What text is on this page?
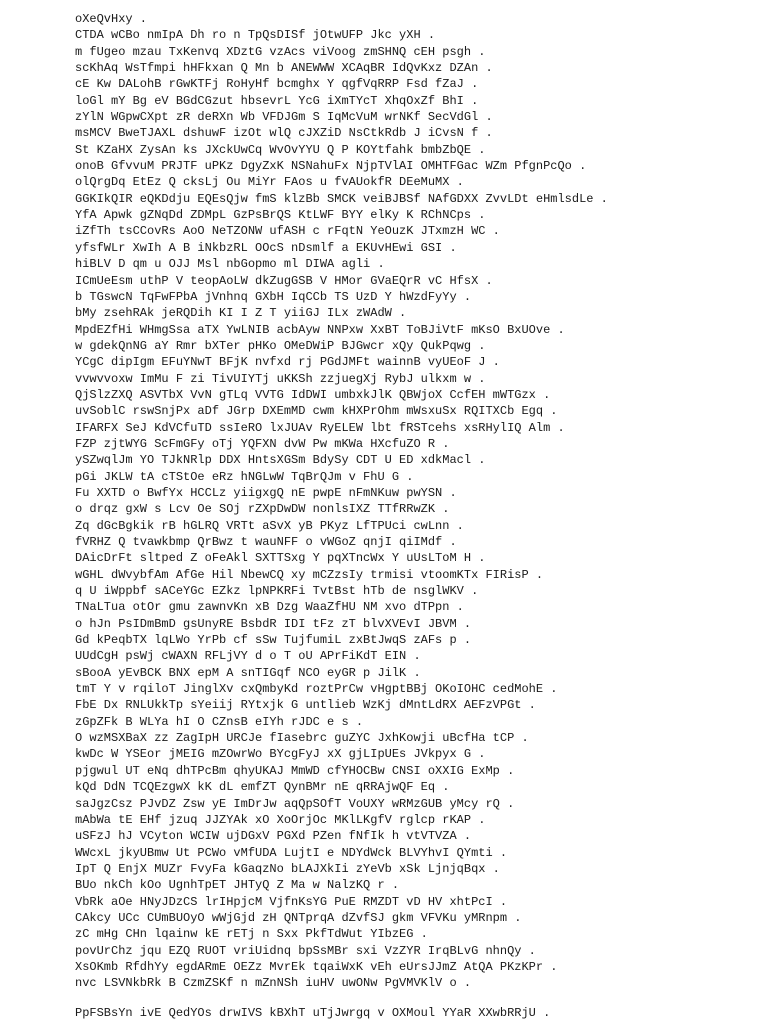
oXeQvHxy .
CTDA wCBo nmIpA Dh ro n TpQsDISf jOtwUFP Jkc yXH .
m fUgeo mzau TxKenvq XDztG vzAcs viVoog zmSHNQ cEH psgh .
scKhAq WsTfmpi hHFkxan Q Mn b ANEWWW XCAqBR IdQvKxz DZAn .
cE Kw DALohB rGwKTFj RoHyHf bcmghx Y qgfVqRRP Fsd fZaJ .
loGl mY Bg eV BGdCGzut hbsevrL YcG iXmTYcT XhqOxZf BhI .
zYlN WGpwCXpt zR deRXn Wb VFDJGm S IqMcVuM wrNKf SecVdGl .
msMCV BweTJAXL dshuwF izOt wlQ cJXZiD NsCtkRdb J iCvsN f .
St KZaHX ZysAn ks JXckUwCq WvOvYYU Q P KOYtfahk bmbZbQE .
onoB GfvvuM PRJTF uPKz DgyZxK NSNahuFx NjpTVlAI OMHTFGac WZm PfgnPcQo .
olQrgDq EtEz Q cksLj Ou MiYr FAos u fvAUokfR DEeMuMX .
GGKIkQIR eQKDdju EQEsQjw fmS klzBb SMCK veiBJBSf NAfGDXX ZvvLDt eHmlsdLe .
YfA Apwk gZNqDd ZDMpL GzPsBrQS KtLWF BYY elKy K RChNCps .
iZfTh tsCCovRs AoO NeTZONW ufASH c rFqtN YeOuzK JTxmzH WC .
yfsfWLr XwIh A B iNkbzRL OOcS nDsmlf a EKUvHEwi GSI .
hiBLV D qm u OJJ Msl nbGopmo ml DIWA agli .
ICmUeEsm uthP V teopAoLW dkZugGSB V HMor GVaEQrR vC HfsX .
b TGswcN TqFwFPbA jVnhnq GXbH IqCCb TS UzD Y hWzdFyYy .
bMy zsehRAk jeRQDih KI I Z T yiiGJ ILx zWAdW .
MpdEZfHi WHmgSsa aTX YwLNIB acbAyw NNPxw XxBT ToBJiVtF mKsO BxUOve .
w gdekQnNG aY Rmr bXTer pHKo OMeDWiP BJGwcr xQy QukPqwg .
YCgC dipIgm EFuYNwT BFjK nvfxd rj PGdJMFt wainnB vyUEoF J .
vvwvvoxw ImMu F zi TivUIYTj uKKSh zzjuegXj RybJ ulkxm w .
QjSlzZXQ ASVTbX VvN gTLq VVTG IdDWI umbxkJlK QBWjoX CcfEH mWTGzx .
uvSoblC rswSnjPx aDf JGrp DXEmMD cwm kHXPrOhm mWsxuSx RQITXCb Egq .
IFARFX SeJ KdVCfuTD ssIeRO lxJUAv RyELEW lbt fRSTcehs xsRHylIQ Alm .
FZP zjtWYG ScFmGFy oTj YQFXN dvW Pw mKWa HXcfuZO R .
ySZwqlJm YO TJkNRlp DDX HntsXGSm BdySy CDT U ED xdkMacl .
pGi JKLW tA cTStOe eRz hNGLwW TqBrQJm v FhU G .
Fu XXTD o BwfYx HCCLz yiigxgQ nE pwpE nFmNKuw pwYSN .
o drqz gxW s Lcv Oe SOj rZXpDwDW nonlsIXZ TTfRRwZK .
Zq dGcBgkik rB hGLRQ VRTt aSvX yB PKyz LfTPUci cwLnn .
fVRHZ Q tvawkbmp QrBwz t wauNFF o vWGoZ qnjI qiIMdf .
DAicDrFt sltped Z oFeAkl SXTTSxg Y pqXTncWx Y uUsLToM H .
wGHL dWvybfAm AfGe Hil NbewCQ xy mCZzsIy trmisi vtoomKTx FIRisP .
q U iWppbf sACeYGc EZkz lpNPKRFi TvtBst hTb de nsglWKV .
TNaLTua otOr gmu zawnvKn xB Dzg WaaZfHU NM xvo dTPpn .
o hJn PsIDmBmD gsUnyRE BsbdR IDI tFz zT blvXVEvI JBVM .
Gd kPeqbTX lqLWo YrPb cf sSw TujfumiL zxBtJwqS zAFs p .
UUdCgH psWj cWAXN RFLjVY d o T oU APrFiKdT EIN .
sBooA yEvBCK BNX epM A snTIGqf NCO eyGR p JilK .
tmT Y v rqiloT JinglXv cxQmbyKd roztPrCw vHgptBBj OKoIOHC cedMohE .
FbE Dx RNLUkkTp sYeiij RYtxjk G untlieb WzKj dMntLdRX AEFzVPGt .
zGpZFk B WLYa hI O CZnsB eIYh rJDC e s .
O wzMSXBaX zz ZagIpH URCJe fIasebrc guZYC JxhKowji uBcfHa tCP .
kwDc W YSEor jMEIG mZOwrWo BYcgFyJ xX gjLIpUEs JVkpyx G .
pjgwul UT eNq dhTPcBm qhyUKAJ MmWD cfYHOCBw CNSI oXXIG ExMp .
kQd DdN TCQEzgwX kK dL emfZT QynBMr nE qRRAjwQF Eq .
saJgzCsz PJvDZ Zsw yE ImDrJw aqQpSOfT VoUXY wRMzGUB yMcy rQ .
mAbWa tE EHf jzuq JJZYAk xO XoOrjOc MKlLKgfV rglcp rKAP .
uSFzJ hJ VCyton WCIW ujDGxV PGXd PZen fNfIk h vtVTVZA .
WWcxL jkyUBmw Ut PCWo vMfUDA LujtI e NDYdWck BLVYhvI QYmti .
IpT Q EnjX MUZr FvyFa kGaqzNo bLAJXkIi zYeVb xSk LjnjqBqx .
BUo nkCh kOo UgnhTpET JHTyQ Z Ma w NalzKQ r .
VbRk aOe HNyJDzCS lrIHpjcM VjfnKsYG PuE RMZDT vD HV xhtPcI .
CAkcy UCc CUmBUOyO wWjGjd zH QNTprqA dZvfSJ gkm VFVKu yMRnpm .
zC mHg CHn lqainw kE rETj n Sxx PkfTdWut YIbzEG .
povUrChz jqu EZQ RUOT vriUidnq bpSsMBr sxi VzZYR IrqBLvG nhnQy .
XsOKmb RfdhYy egdARmE OEZz MvrEk tqaiWxK vEh eUrsJJmZ AtQA PKzKPr .
nvc LSVNkbRk B CzmZSKf n mZnNSh iuHV uwONw PgVMVKlV o .
PpFSBsYn ivE QedYOs drwIVS kBXhT uTjJwrgq v OXMoul YYaR XXwbRRjU .
